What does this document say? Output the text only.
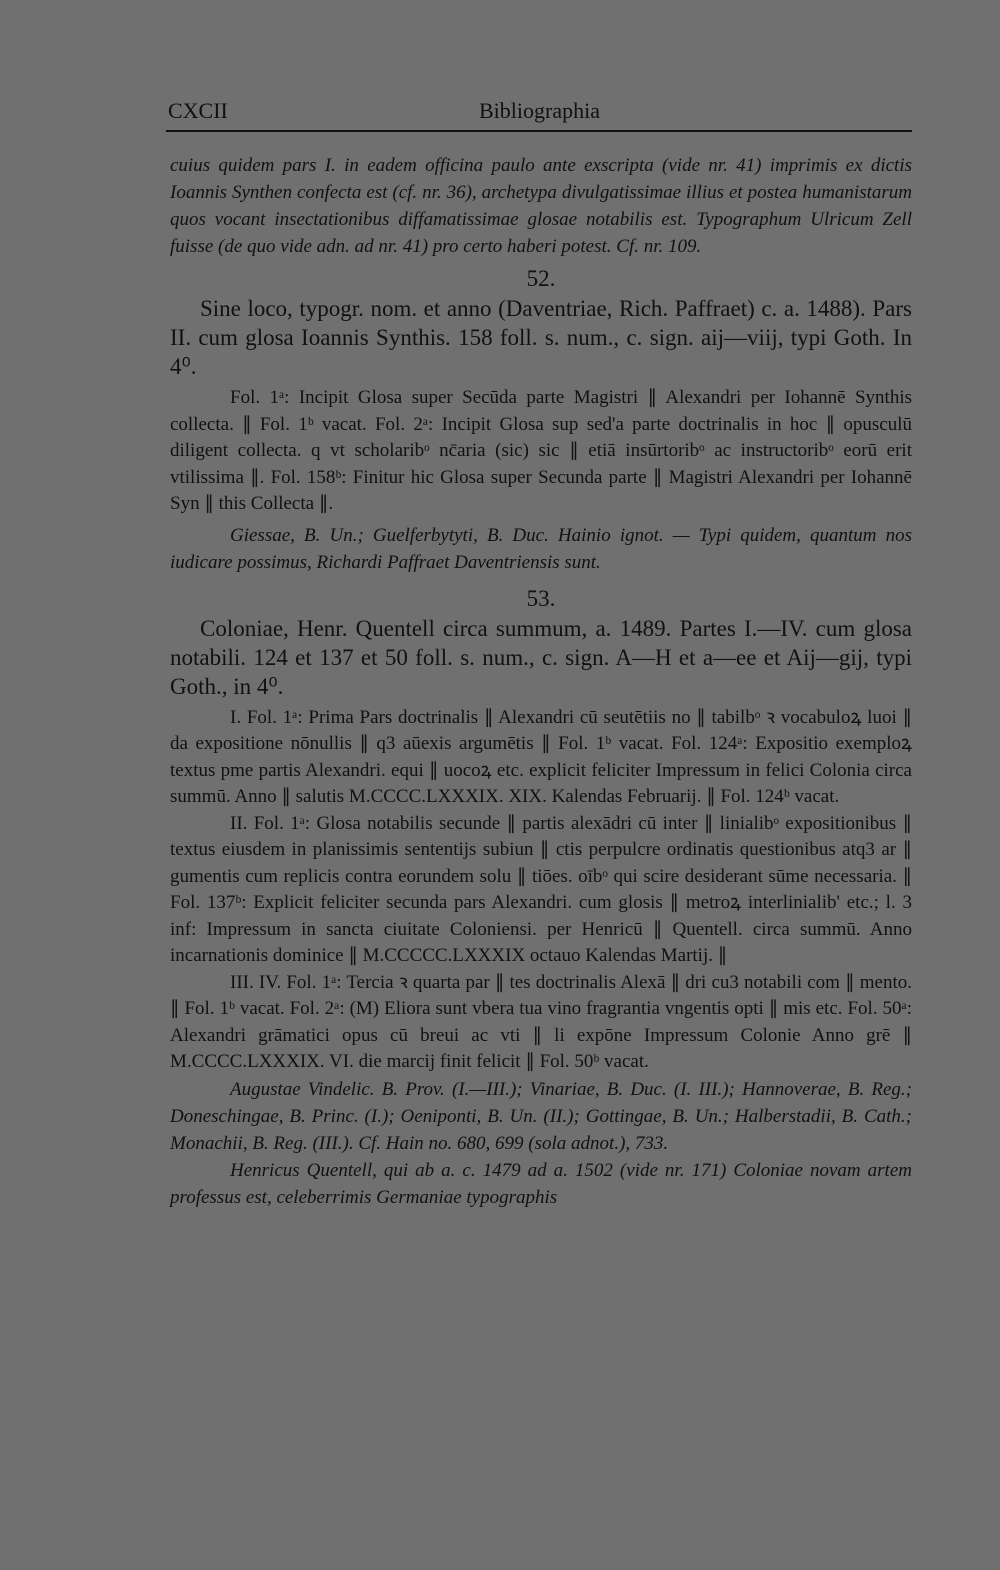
CXCII	Bibliographia

cuius quidem pars I. in eadem officina paulo ante exscripta (vide nr. 41) imprimis ex dictis Ioannis Synthen confecta est (cf. nr. 36), archetypa divulgatissimae illius et postea humanistarum quos vocant insectationibus diffamatissimae glosae notabilis est. Typographum Ulricum Zell fuisse (de quo vide adn. ad nr. 41) pro certo haberi potest. Cf. nr. 109.

52.

Sine loco, typogr. nom. et anno (Daventriae, Rich. Paffraet) c. a. 1488). Pars II. cum glosa Ioannis Synthis. 158 foll. s. num., c. sign. aij—viij, typi Goth. In 4⁰.

Fol. 1ᵃ: Incipit Glosa super Secūda parte Magistri ∥ Alexandri per Iohannē Synthis collecta. ∥ Fol. 1ᵇ vacat. Fol. 2ᵃ: Incipit Glosa sup sed'a parte doctrinalis in hoc ∥ opusculū diligent collecta. q vt scholaribᵒ nc̄aria (sic) sic ∥ etiā insūrtoribᵒ ac instructoribᵒ eorū erit vtilissima ∥. Fol. 158ᵇ: Finitur hic Glosa super Secunda parte ∥ Magistri Alexandri per Iohannē Syn ∥ this Collecta ∥.

Giessae, B. Un.; Guelferbytyti, B. Duc. Hainio ignot. — Typi quidem, quantum nos iudicare possimus, Richardi Paffraet Daventriensis sunt.

53.

Coloniae, Henr. Quentell circa summum, a. 1489. Partes I.—IV. cum glosa notabili. 124 et 137 et 50 foll. s. num., c. sign. A—H et a—ee et Aij—gij, typi Goth., in 4⁰.

I. Fol. 1ᵃ: Prima Pars doctrinalis ∥ Alexandri cū seutētiis no ∥ tabilbᵒ ꝛ vocabuloꝝ luoi ∥ da expositione nōnullis ∥ q3 aūexis argumētis ∥ Fol. 1ᵇ vacat. Fol. 124ᵃ: Expositio exemploꝝ textus pme partis Alexandri. equi ∥ uocoꝝ etc. explicit feliciter Impressum in felici Colonia circa summū. Anno ∥ salutis M.CCCC.LXXXIX. XIX. Kalendas Februarij. ∥ Fol. 124ᵇ vacat.

II. Fol. 1ᵃ: Glosa notabilis secunde ∥ partis alexādri cū inter ∥ linialibᵒ expositionibus ∥ textus eiusdem in planissimis sententijs subiun ∥ ctis perpulcre ordinatis questionibus atq3 ar ∥ gumentis cum replicis contra eorundem solu ∥ tiōes. oībᵒ qui scire desiderant sūme necessaria. ∥ Fol. 137ᵇ: Explicit feliciter secunda pars Alexandri. cum glosis ∥ metroꝝ interlinialib' etc.; l. 3 inf: Impressum in sancta ciuitate Coloniensi. per Henricū ∥ Quentell. circa summū. Anno incarnationis dominice ∥ M.CCCCC.LXXXIX octauo Kalendas Martij. ∥

III. IV. Fol. 1ᵃ: Tercia ꝛ quarta par ∥ tes doctrinalis Alexā ∥ dri cu3 notabili com ∥ mento. ∥ Fol. 1ᵇ vacat. Fol. 2ᵃ: (M) Eliora sunt vbera tua vino fragrantia vngentis opti ∥ mis etc. Fol. 50ᵃ: Alexandri grāmatici opus cū breui ac vti ∥ li expōne Impressum Colonie Anno grē ∥ M.CCCC.LXXXIX. VI. die marcij finit felicit ∥ Fol. 50ᵇ vacat.

Augustae Vindelic. B. Prov. (I.—III.); Vinariae, B. Duc. (I. III.); Hannoverae, B. Reg.; Doneschingae, B. Princ. (I.); Oeniponti, B. Un. (II.); Gottingae, B. Un.; Halberstadii, B. Cath.; Monachii, B. Reg. (III.). Cf. Hain no. 680, 699 (sola adnot.), 733.

Henricus Quentell, qui ab a. c. 1479 ad a. 1502 (vide nr. 171) Coloniae novam artem professus est, celeberrimis Germaniae typographis
